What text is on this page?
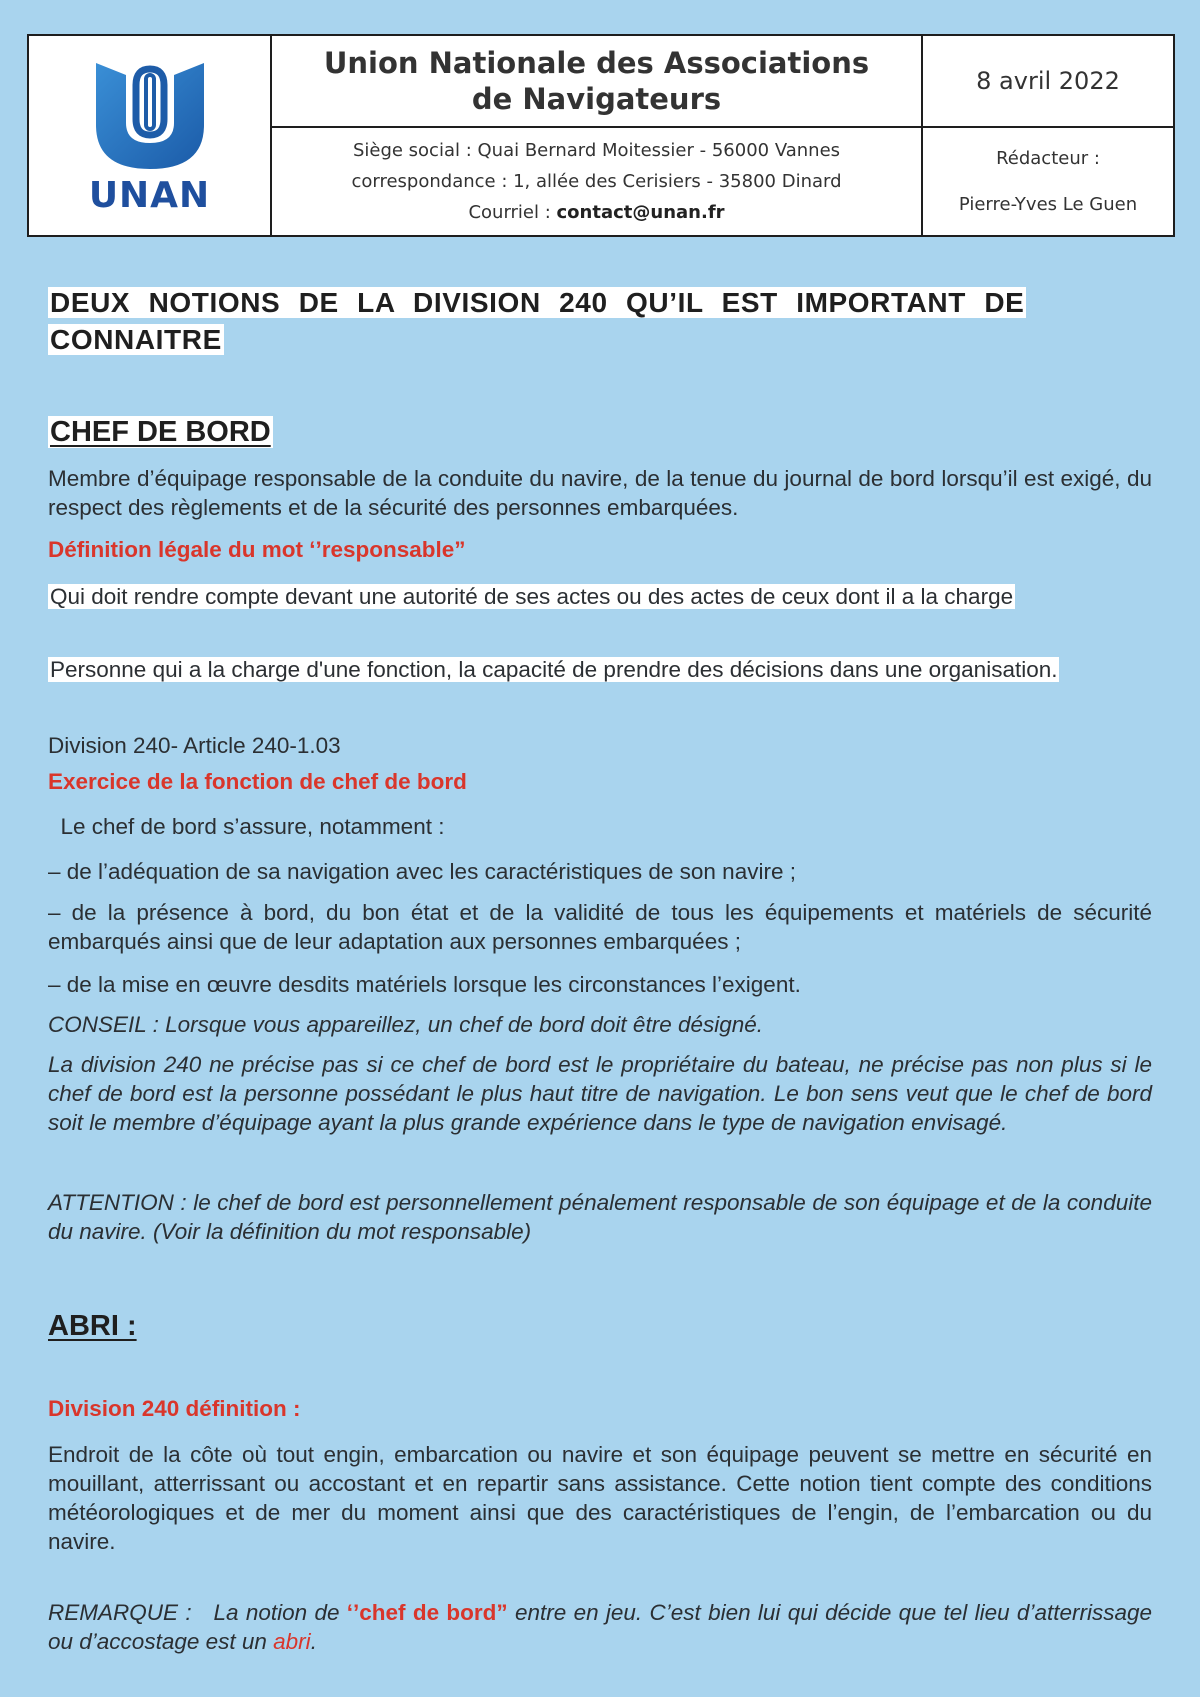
UNAN
Union Nationale des Associations
de Navigateurs
8 avril 2022
Siège social : Quai Bernard Moitessier - 56000 Vannes
correspondance : 1, allée des Cerisiers - 35800 Dinard
Courriel : contact@unan.fr
Rédacteur :
Pierre-Yves Le Guen
DEUX NOTIONS DE LA DIVISION 240 QU’IL EST IMPORTANT DE
CONNAITRE
CHEF DE BORD
Membre d’équipage responsable de la conduite du navire, de la tenue du journal de bord lorsqu’il est exigé, du respect des règlements et de la sécurité des personnes embarquées.
Définition légale du mot ‘’responsable”
Qui doit rendre compte devant une autorité de ses actes ou des actes de ceux dont il a la charge
Personne qui a la charge d'une fonction, la capacité de prendre des décisions dans une organisation.
Division 240- Article 240-1.03
Exercice de la fonction de chef de bord
Le chef de bord s’assure, notamment :
– de l’adéquation de sa navigation avec les caractéristiques de son navire ;
– de la présence à bord, du bon état et de la validité de tous les équipements et matériels de sécurité embarqués ainsi que de leur adaptation aux personnes embarquées ;
– de la mise en œuvre desdits matériels lorsque les circonstances l’exigent.
CONSEIL : Lorsque vous appareillez, un chef de bord doit être désigné.
La division 240 ne précise pas si ce chef de bord est le propriétaire du bateau, ne précise pas non plus si le chef de bord est la personne possédant le plus haut titre de navigation. Le bon sens veut que le chef de bord soit le membre d’équipage ayant la plus grande expérience dans le type de navigation envisagé.
ATTENTION : le chef de bord est personnellement pénalement responsable de son équipage et de la conduite du navire. (Voir la définition du mot responsable)
ABRI :
Division 240 définition :
Endroit de la côte où tout engin, embarcation ou navire et son équipage peuvent se mettre en sécurité en mouillant, atterrissant ou accostant et en repartir sans assistance. Cette notion tient compte des conditions météorologiques et de mer du moment ainsi que des caractéristiques de l’engin, de l’embarcation ou du navire.
REMARQUE :   La notion de ‘’chef de bord” entre en jeu. C’est bien lui qui décide que tel lieu d’atterrissage ou d’accostage est un abri.
